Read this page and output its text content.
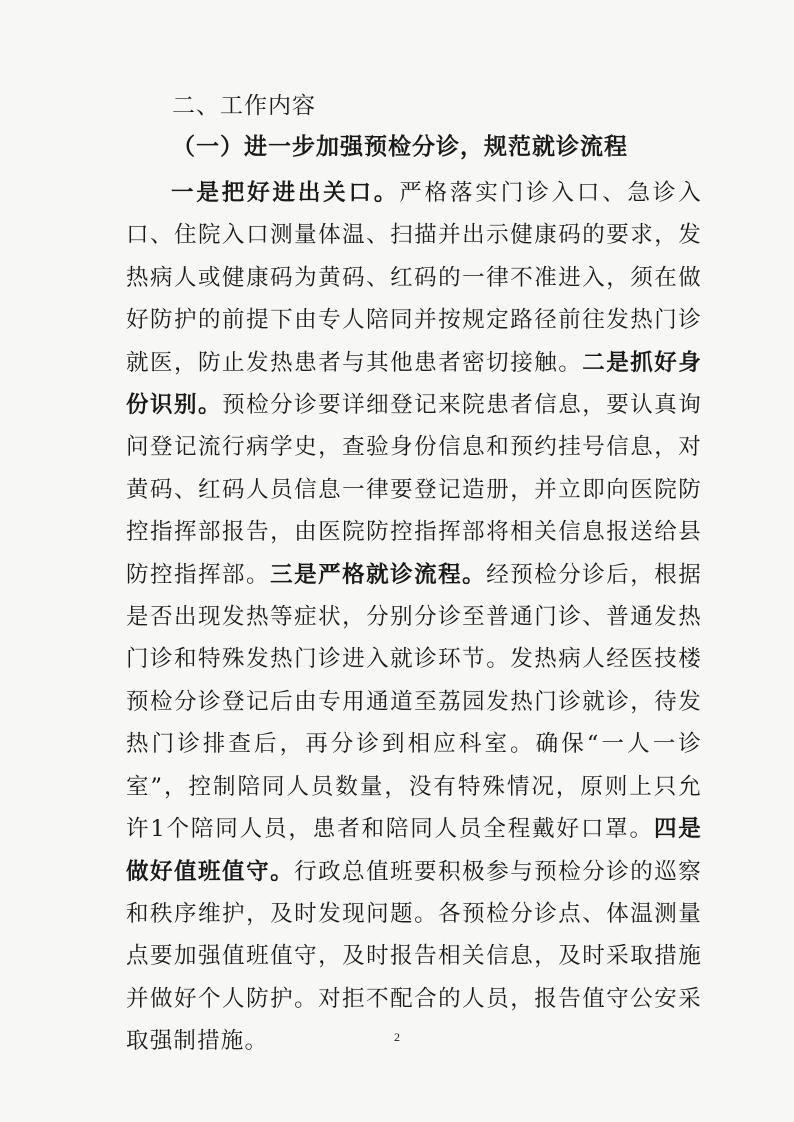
二、工作内容
（一）进一步加强预检分诊，规范就诊流程

一是把好进出关口。严格落实门诊入口、急诊入口、住院入口测量体温、扫描并出示健康码的要求，发热病人或健康码为黄码、红码的一律不准进入，须在做好防护的前提下由专人陪同并按规定路径前往发热门诊就医，防止发热患者与其他患者密切接触。二是抓好身份识别。预检分诊要详细登记来院患者信息，要认真询问登记流行病学史，查验身份信息和预约挂号信息，对黄码、红码人员信息一律要登记造册，并立即向医院防控指挥部报告，由医院防控指挥部将相关信息报送给县防控指挥部。三是严格就诊流程。经预检分诊后，根据是否出现发热等症状，分别分诊至普通门诊、普通发热门诊和特殊发热门诊进入就诊环节。发热病人经医技楼预检分诊登记后由专用通道至荔园发热门诊就诊，待发热门诊排查后，再分诊到相应科室。确保“一人一诊室”，控制陪同人员数量，没有特殊情况，原则上只允许1个陪同人员，患者和陪同人员全程戴好口罩。四是做好值班值守。行政总值班要积极参与预检分诊的巡察和秩序维护，及时发现问题。各预检分诊点、体温测量点要加强值班值守，及时报告相关信息，及时采取措施并做好个人防护。对拒不配合的人员，报告值守公安采取强制措施。	2
